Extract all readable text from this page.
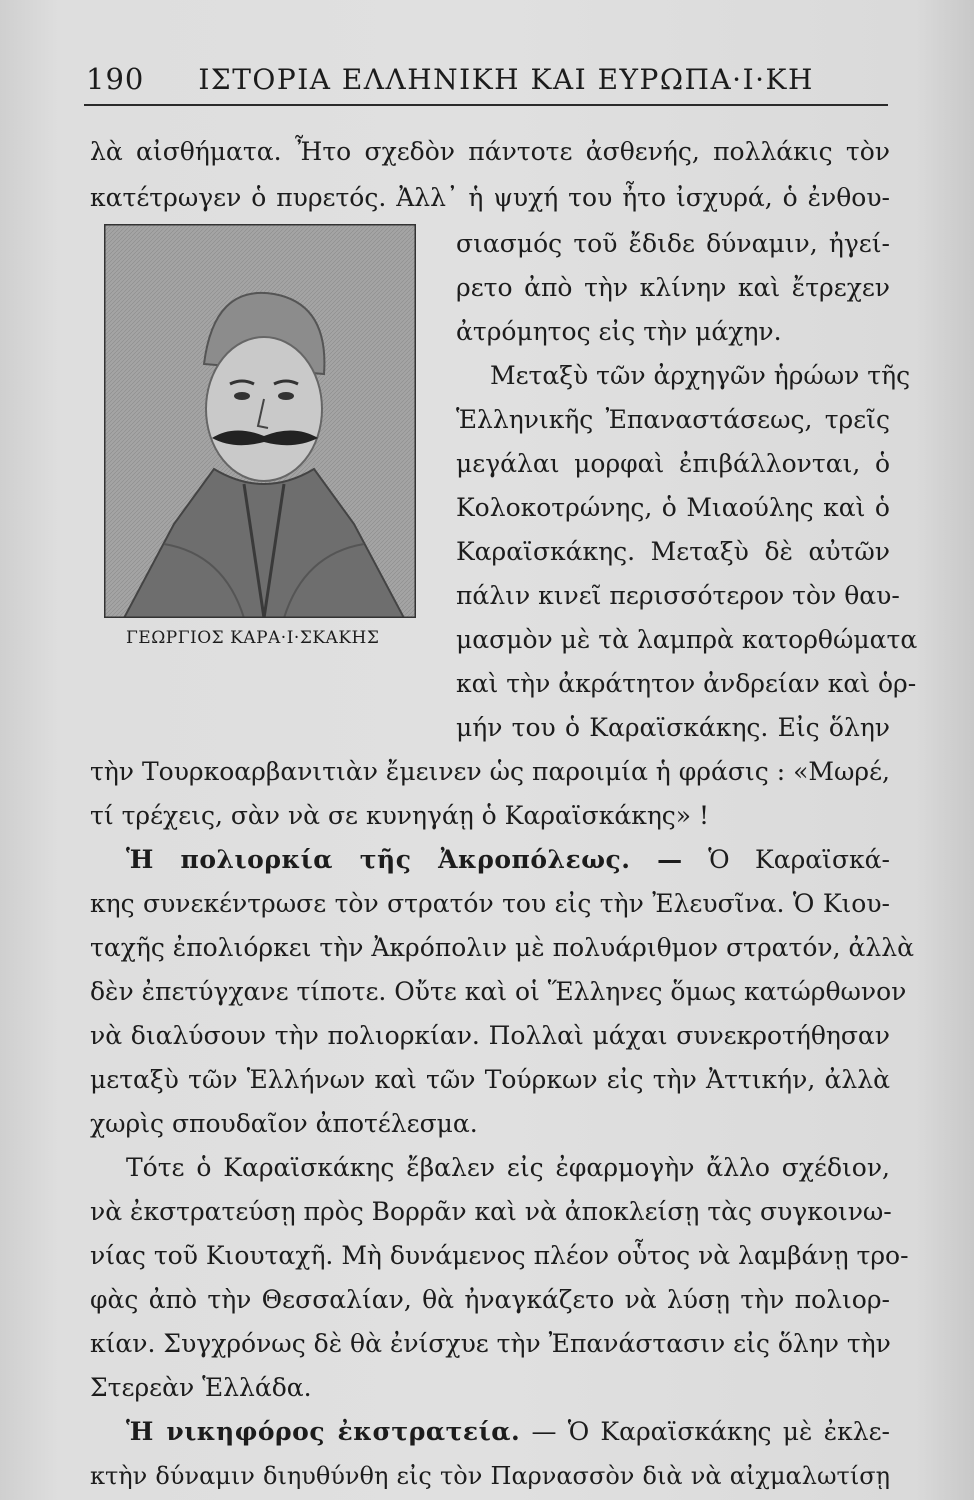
190 ΙΣΤΟΡΙΑ ΕΛΛΗΝΙΚΗ ΚΑΙ ΕΥΡΩΠΑ·Ι·ΚΗ
λὰ αἰσθήματα. Ἦτο σχεδὸν πάντοτε ἀσθενής, πολλάκις τὸν
κατέτρωγεν ὁ πυρετός. Ἀλλ᾽ ἡ ψυχή του ἦτο ἰσχυρά, ὁ ἐνθου-
ΓΕΩΡΓΙΟΣ ΚΑΡΑ·Ι·ΣΚΑΚΗΣ
σιασμός τοῦ ἔδιδε δύναμιν, ἠγεί-
ρετο ἀπὸ τὴν κλίνην καὶ ἔτρεχεν
ἀτρόμητος εἰς τὴν μάχην.
Μεταξὺ τῶν ἀρχηγῶν ἡρώων τῆς
Ἑλληνικῆς Ἐπαναστάσεως, τρεῖς
μεγάλαι μορφαὶ ἐπιβάλλονται, ὁ
Κολοκοτρώνης, ὁ Μιαούλης καὶ ὁ
Καραϊσκάκης. Μεταξὺ δὲ αὐτῶν
πάλιν κινεῖ περισσότερον τὸν θαυ-
μασμὸν μὲ τὰ λαμπρὰ κατορθώματα
καὶ τὴν ἀκράτητον ἀνδρείαν καὶ ὁρ-
μήν του ὁ Καραϊσκάκης. Εἰς ὅλην
τὴν Τουρκοαρβανιτιὰν ἔμεινεν ὡς παροιμία ἡ φράσις : «Μωρέ,
τί τρέχεις, σὰν νὰ σε κυνηγάῃ ὁ Καραϊσκάκης» !
Ἡ πολιορκία τῆς Ἀκροπόλεως. — Ὁ Καραϊσκά-
κης συνεκέντρωσε τὸν στρατόν του εἰς τὴν Ἐλευσῖνα. Ὁ Κιου-
ταχῆς ἐπολιόρκει τὴν Ἀκρόπολιν μὲ πολυάριθμον στρατόν, ἀλλὰ
δὲν ἐπετύγχανε τίποτε. Οὔτε καὶ οἱ Ἕλληνες ὅμως κατώρθωνον
νὰ διαλύσουν τὴν πολιορκίαν. Πολλαὶ μάχαι συνεκροτήθησαν
μεταξὺ τῶν Ἑλλήνων καὶ τῶν Τούρκων εἰς τὴν Ἀττικήν, ἀλλὰ
χωρὶς σπουδαῖον ἀποτέλεσμα.
Τότε ὁ Καραϊσκάκης ἔβαλεν εἰς ἐφαρμογὴν ἄλλο σχέδιον,
νὰ ἐκστρατεύσῃ πρὸς Βορρᾶν καὶ νὰ ἀποκλείσῃ τὰς συγκοινω-
νίας τοῦ Κιουταχῆ. Μὴ δυνάμενος πλέον οὗτος νὰ λαμβάνῃ τρο-
φὰς ἀπὸ τὴν Θεσσαλίαν, θὰ ἠναγκάζετο νὰ λύσῃ τὴν πολιορ-
κίαν. Συγχρόνως δὲ θὰ ἐνίσχυε τὴν Ἐπανάστασιν εἰς ὅλην τὴν
Στερεὰν Ἑλλάδα.
Ἡ νικηφόρος ἐκστρατεία. — Ὁ Καραϊσκάκης μὲ ἐκλε-
κτὴν δύναμιν διηυθύνθη εἰς τὸν Παρνασσὸν διὰ νὰ αἰχμαλωτίσῃ
